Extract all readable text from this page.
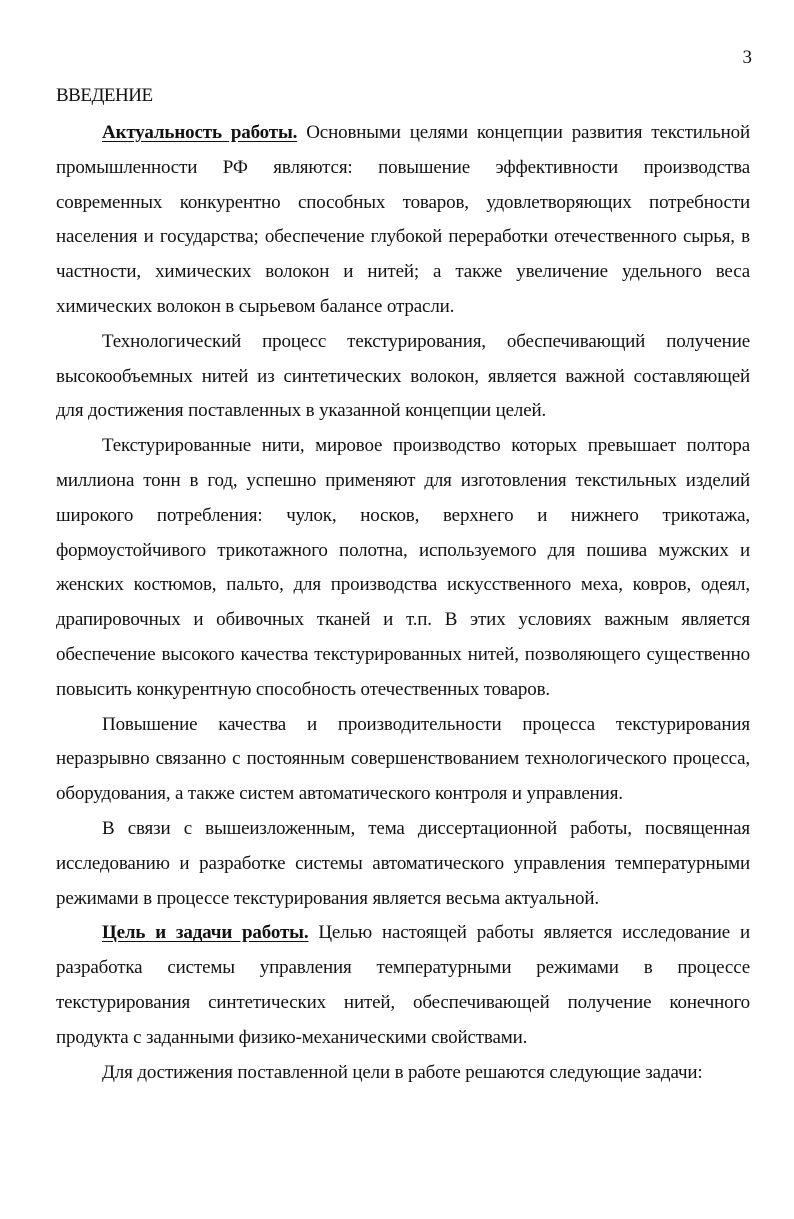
3
ВВЕДЕНИЕ

Актуальность работы. Основными целями концепции развития текстильной промышленности РФ являются: повышение эффективности производства современных конкурентно способных товаров, удовлетворяющих потребности населения и государства; обеспечение глубокой переработки отечественного сырья, в частности, химических волокон и нитей; а также увеличение удельного веса химических волокон в сырьевом балансе отрасли.

Технологический процесс текстурирования, обеспечивающий получение высокообъемных нитей из синтетических волокон, является важной составляющей для достижения поставленных в указанной концепции целей.

Текстурированные нити, мировое производство которых превышает полтора миллиона тонн в год, успешно применяют для изготовления текстильных изделий широкого потребления: чулок, носков, верхнего и нижнего трикотажа, формоустойчивого трикотажного полотна, используемого для пошива мужских и женских костюмов, пальто, для производства искусственного меха, ковров, одеял, драпировочных и обивочных тканей и т.п. В этих условиях важным является обеспечение высокого качества текстурированных нитей, позволяющего существенно повысить конкурентную способность отечественных товаров.

Повышение качества и производительности процесса текстурирования неразрывно связанно с постоянным совершенствованием технологического процесса, оборудования, а также систем автоматического контроля и управления.

В связи с вышеизложенным, тема диссертационной работы, посвященная исследованию и разработке системы автоматического управления температурными режимами в процессе текстурирования является весьма актуальной.

Цель и задачи работы. Целью настоящей работы является исследование и разработка системы управления температурными режимами в процессе текстурирования синтетических нитей, обеспечивающей получение конечного продукта с заданными физико-механическими свойствами.

Для достижения поставленной цели в работе решаются следующие задачи:
